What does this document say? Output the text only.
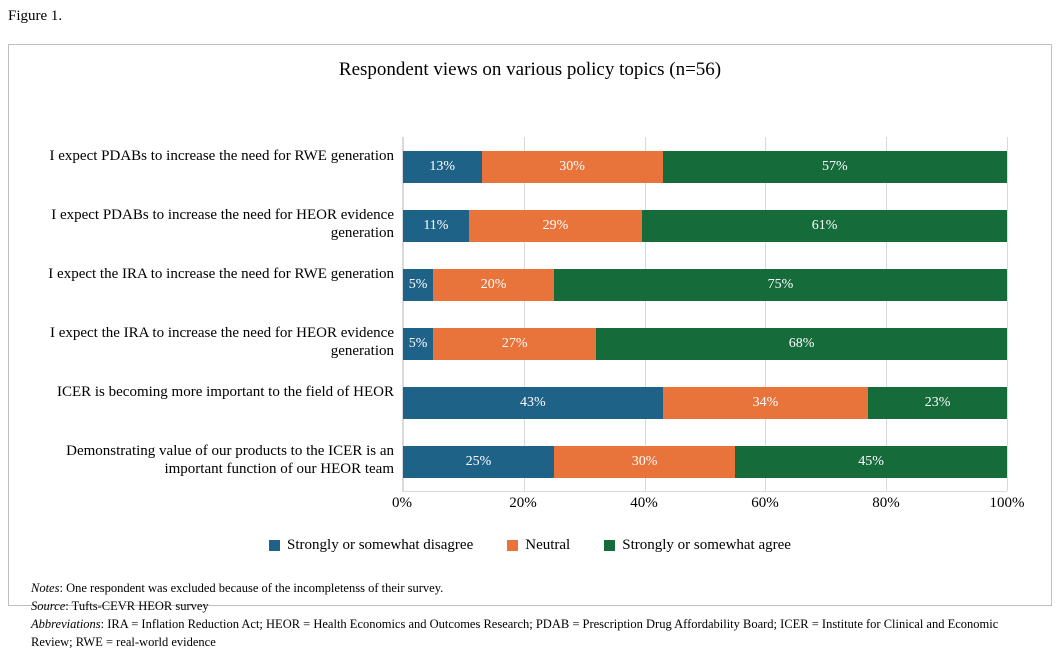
Figure 1.
Respondent views on various policy topics (n=56)
I expect PDABs to increase the need for RWE generation
I expect PDABs to increase the need for HEOR evidence generation
I expect the IRA to increase the need for RWE generation
I expect the IRA to increase the need for HEOR evidence generation
ICER is becoming more important to the field of HEOR
Demonstrating value of our products to the ICER is an important function of our HEOR team
13%	30%	57%
11%	29%	61%
5%	20%	75%
5%	27%	68%
43%	34%	23%
25%	30%	45%
0%	20%	40%	60%	80%	100%
Strongly or somewhat disagree	Neutral	Strongly or somewhat agree
Notes: One respondent was excluded because of the incompletenss of their survey.
Source: Tufts-CEVR HEOR survey
Abbreviations: IRA = Inflation Reduction Act; HEOR = Health Economics and Outcomes Research; PDAB = Prescription Drug Affordability Board; ICER = Institute for Clinical and Economic Review; RWE = real-world evidence
